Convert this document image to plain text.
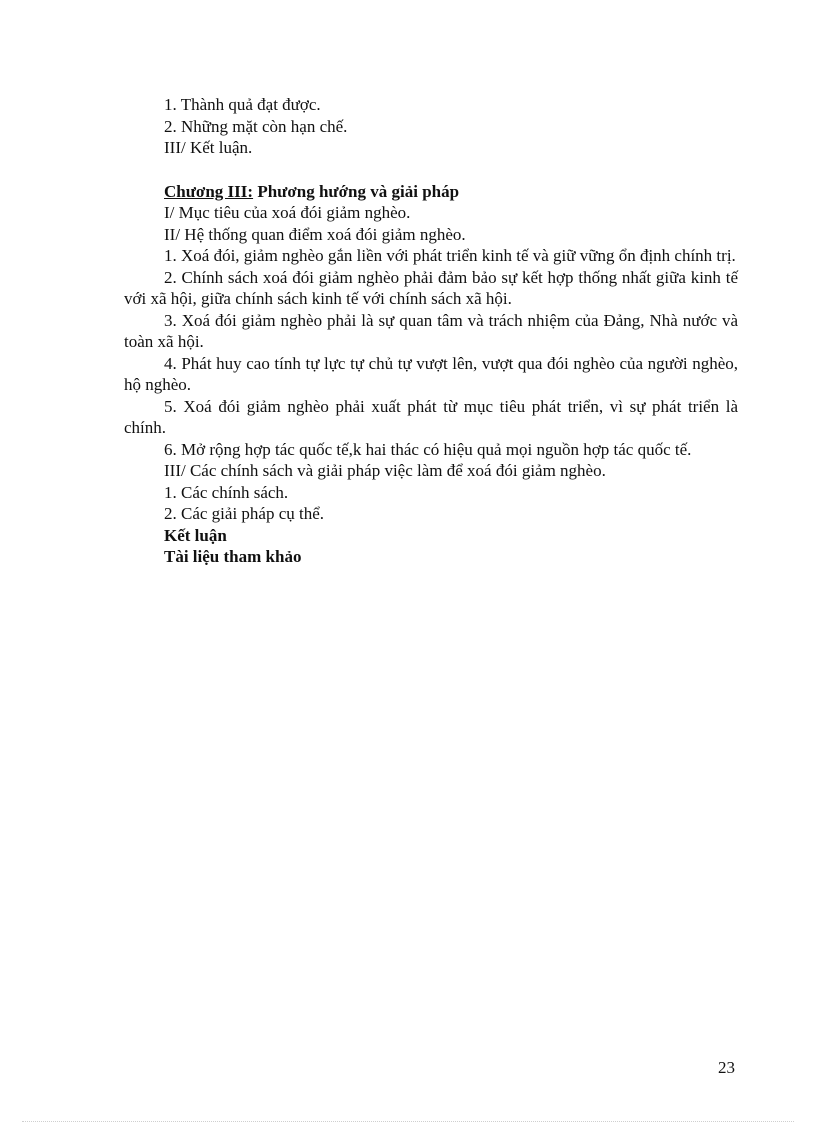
1. Thành quả đạt được.

2. Những mặt còn hạn chế.

III/ Kết luận.

Chương III: Phương hướng và giải pháp

I/ Mục tiêu của xoá đói giảm nghèo.

II/ Hệ thống quan điểm xoá đói giảm nghèo.

1. Xoá đói, giảm nghèo gắn liền với phát triển kinh tế và giữ vững ổn định chính trị.

2. Chính sách xoá đói giảm nghèo phải đảm bảo sự kết hợp thống nhất giữa kinh tế với xã hội, giữa chính sách kinh tế với chính sách xã hội.

3. Xoá đói giảm nghèo phải là sự quan tâm và trách nhiệm của Đảng, Nhà nước và toàn xã hội.

4. Phát huy cao tính tự lực tự chủ tự vượt lên, vượt qua đói nghèo của người nghèo, hộ nghèo.

5. Xoá đói giảm nghèo phải xuất phát từ mục tiêu phát triển, vì sự phát triển là chính.

6. Mở rộng hợp tác quốc tế,k hai thác có hiệu quả mọi nguồn hợp tác quốc tế.

III/ Các chính sách và giải pháp việc làm để xoá đói giảm nghèo.

1. Các chính sách.

2. Các giải pháp cụ thể.

Kết luận

Tài liệu tham khảo

23
